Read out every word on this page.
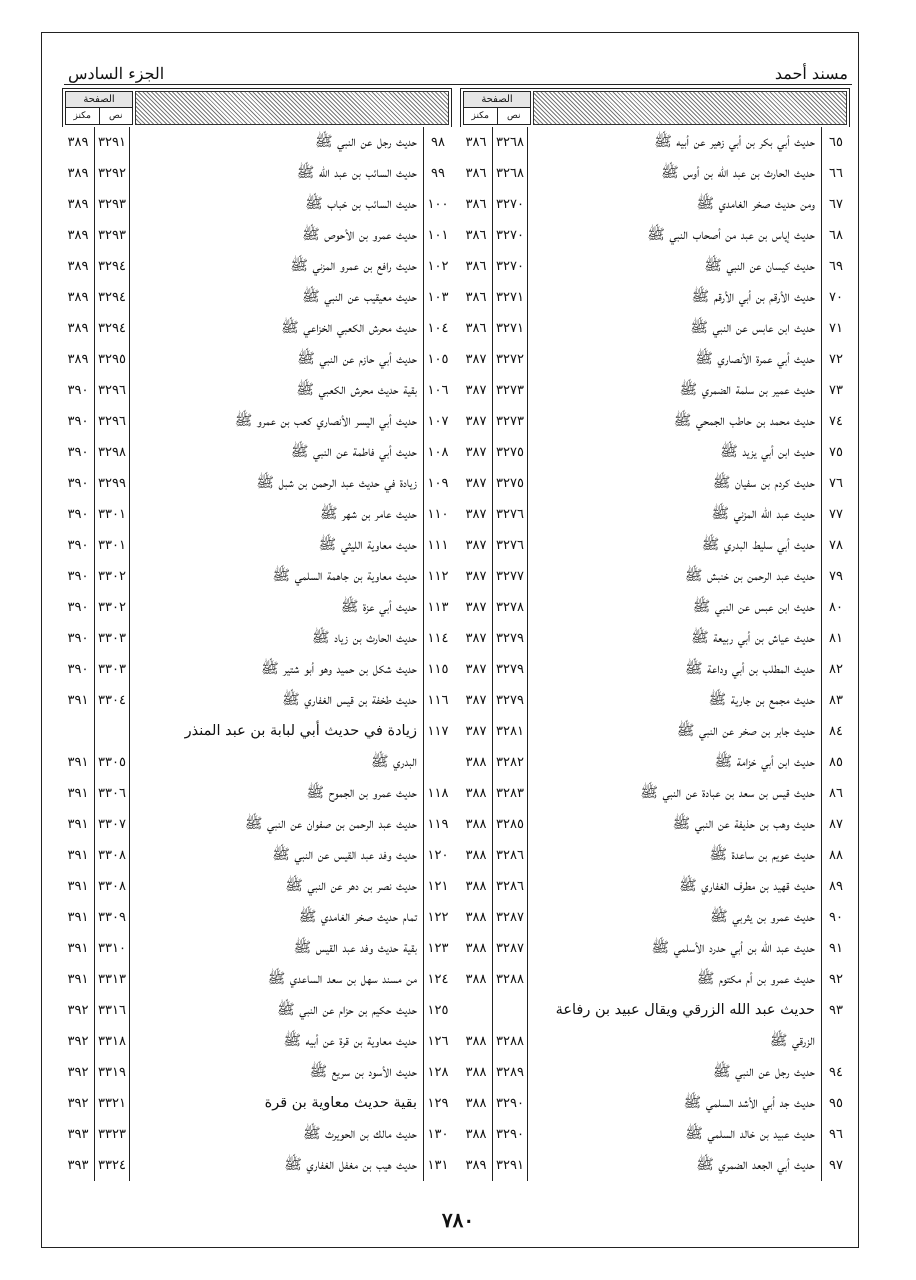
مسند أحمد
الجزء السادس
الصفحة
نص
مكنز
٦٥
حديث أبي بكر بن أبي زهير عن أبيه ﷺ
٣٢٦٨
٣٨٦
٦٦
حديث الحارث بن عبد الله بن أوس ﷺ
٣٢٦٨
٣٨٦
٦٧
ومن حديث صخر الغامدي ﷺ
٣٢٧٠
٣٨٦
٦٨
حديث إياس بن عبد من أصحاب النبي ﷺ
٣٢٧٠
٣٨٦
٦٩
حديث كيسان عن النبي ﷺ
٣٢٧٠
٣٨٦
٧٠
حديث الأرقم بن أبي الأرقم ﷺ
٣٢٧١
٣٨٦
٧١
حديث ابن عابس عن النبي ﷺ
٣٢٧١
٣٨٦
٧٢
حديث أبي عمرة الأنصاري ﷺ
٣٢٧٢
٣٨٧
٧٣
حديث عمير بن سلمة الضمري ﷺ
٣٢٧٣
٣٨٧
٧٤
حديث محمد بن حاطب الجمحي ﷺ
٣٢٧٣
٣٨٧
٧٥
حديث ابن أبي يزيد ﷺ
٣٢٧٥
٣٨٧
٧٦
حديث كردم بن سفيان ﷺ
٣٢٧٥
٣٨٧
٧٧
حديث عبد الله المزني ﷺ
٣٢٧٦
٣٨٧
٧٨
حديث أبي سليط البدري ﷺ
٣٢٧٦
٣٨٧
٧٩
حديث عبد الرحمن بن خنبش ﷺ
٣٢٧٧
٣٨٧
٨٠
حديث ابن عبس عن النبي ﷺ
٣٢٧٨
٣٨٧
٨١
حديث عياش بن أبي ربيعة ﷺ
٣٢٧٩
٣٨٧
٨٢
حديث المطلب بن أبي وداعة ﷺ
٣٢٧٩
٣٨٧
٨٣
حديث مجمع بن جارية ﷺ
٣٢٧٩
٣٨٧
٨٤
حديث جابر بن صخر عن النبي ﷺ
٣٢٨١
٣٨٧
٨٥
حديث ابن أبي خزامة ﷺ
٣٢٨٢
٣٨٨
٨٦
حديث قيس بن سعد بن عبادة عن النبي ﷺ
٣٢٨٣
٣٨٨
٨٧
حديث وهب بن حذيفة عن النبي ﷺ
٣٢٨٥
٣٨٨
٨٨
حديث عويم بن ساعدة ﷺ
٣٢٨٦
٣٨٨
٨٩
حديث قهيد بن مطرف الغفاري ﷺ
٣٢٨٦
٣٨٨
٩٠
حديث عمرو بن يثربي ﷺ
٣٢٨٧
٣٨٨
٩١
حديث عبد الله بن أبي حدرد الأسلمي ﷺ
٣٢٨٧
٣٨٨
٩٢
حديث عمرو بن أم مكتوم ﷺ
٣٢٨٨
٣٨٨
٩٣
حديث عبد الله الزرقي ويقال عبيد بن رفاعة
الزرقي ﷺ
٣٢٨٨
٣٨٨
٩٤
حديث رجل عن النبي ﷺ
٣٢٨٩
٣٨٨
٩٥
حديث جد أبي الأشد السلمي ﷺ
٣٢٩٠
٣٨٨
٩٦
حديث عبيد بن خالد السلمي ﷺ
٣٢٩٠
٣٨٨
٩٧
حديث أبي الجعد الضمري ﷺ
٣٢٩١
٣٨٩
الصفحة
نص
مكنز
٩٨
حديث رجل عن النبي ﷺ
٣٢٩١
٣٨٩
٩٩
حديث السائب بن عبد الله ﷺ
٣٢٩٢
٣٨٩
١٠٠
حديث السائب بن خباب ﷺ
٣٢٩٣
٣٨٩
١٠١
حديث عمرو بن الأحوص ﷺ
٣٢٩٣
٣٨٩
١٠٢
حديث رافع بن عمرو المزني ﷺ
٣٢٩٤
٣٨٩
١٠٣
حديث معيقيب عن النبي ﷺ
٣٢٩٤
٣٨٩
١٠٤
حديث محرش الكعبي الخزاعي ﷺ
٣٢٩٤
٣٨٩
١٠٥
حديث أبي حازم عن النبي ﷺ
٣٢٩٥
٣٨٩
١٠٦
بقية حديث محرش الكعبي ﷺ
٣٢٩٦
٣٩٠
١٠٧
حديث أبي اليسر الأنصاري كعب بن عمرو ﷺ
٣٢٩٦
٣٩٠
١٠٨
حديث أبي فاطمة عن النبي ﷺ
٣٢٩٨
٣٩٠
١٠٩
زيادة في حديث عبد الرحمن بن شبل ﷺ
٣٢٩٩
٣٩٠
١١٠
حديث عامر بن شهر ﷺ
٣٣٠١
٣٩٠
١١١
حديث معاوية الليثي ﷺ
٣٣٠١
٣٩٠
١١٢
حديث معاوية بن جاهمة السلمي ﷺ
٣٣٠٢
٣٩٠
١١٣
حديث أبي عزة ﷺ
٣٣٠٢
٣٩٠
١١٤
حديث الحارث بن زياد ﷺ
٣٣٠٣
٣٩٠
١١٥
حديث شكل بن حميد وهو أبو شتير ﷺ
٣٣٠٣
٣٩٠
١١٦
حديث طخفة بن قيس الغفاري ﷺ
٣٣٠٤
٣٩١
١١٧
زيادة في حديث أبي لبابة بن عبد المنذر
البدري ﷺ
٣٣٠٥
٣٩١
١١٨
حديث عمرو بن الجموح ﷺ
٣٣٠٦
٣٩١
١١٩
حديث عبد الرحمن بن صفوان عن النبي ﷺ
٣٣٠٧
٣٩١
١٢٠
حديث وفد عبد القيس عن النبي ﷺ
٣٣٠٨
٣٩١
١٢١
حديث نصر بن دهر عن النبي ﷺ
٣٣٠٨
٣٩١
١٢٢
تمام حديث صخر الغامدي ﷺ
٣٣٠٩
٣٩١
١٢٣
بقية حديث وفد عبد القيس ﷺ
٣٣١٠
٣٩١
١٢٤
من مسند سهل بن سعد الساعدي ﷺ
٣٣١٣
٣٩١
١٢٥
حديث حكيم بن حزام عن النبي ﷺ
٣٣١٦
٣٩٢
١٢٦
حديث معاوية بن قرة عن أبيه ﷺ
٣٣١٨
٣٩٢
١٢٨
حديث الأسود بن سريع ﷺ
٣٣١٩
٣٩٢
١٢٩
بقية حديث معاوية بن قرة
٣٣٢١
٣٩٢
١٣٠
حديث مالك بن الحويرث ﷺ
٣٣٢٣
٣٩٣
١٣١
حديث هيب بن مغفل الغفاري ﷺ
٣٣٢٤
٣٩٣
٧٨٠
